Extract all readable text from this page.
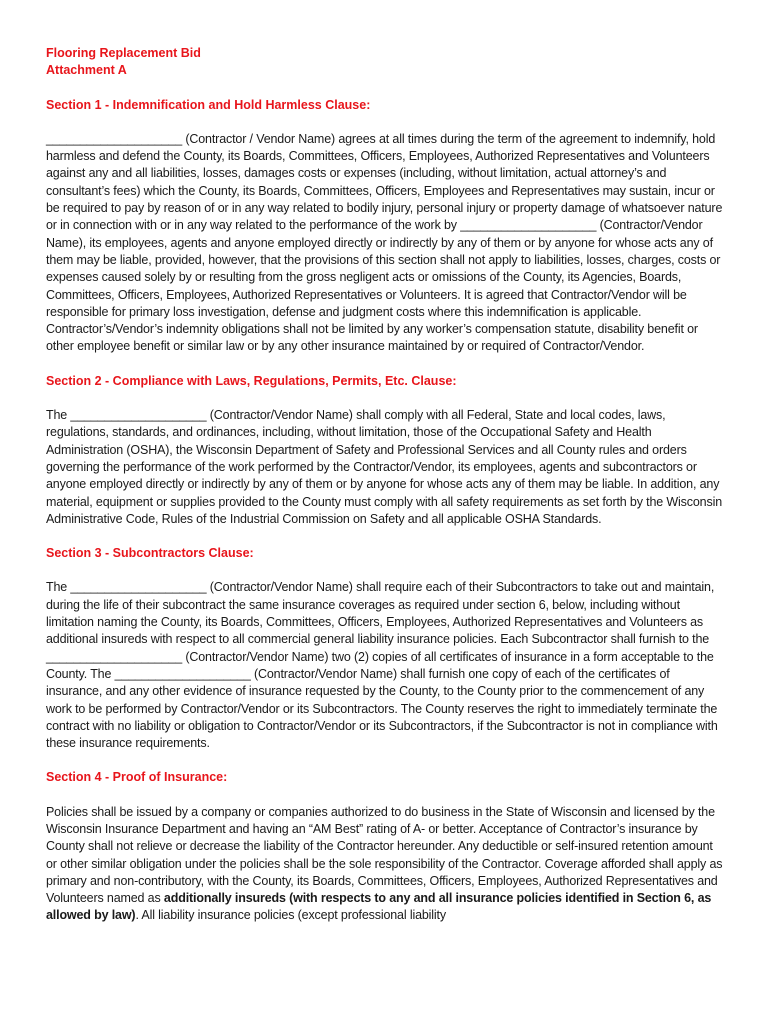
Flooring Replacement Bid
Attachment A
Section 1 - Indemnification and Hold Harmless Clause:

____________________ (Contractor / Vendor Name) agrees at all times during the term of the agreement to indemnify, hold harmless and defend the County, its Boards, Committees, Officers, Employees, Authorized Representatives and Volunteers against any and all liabilities, losses, damages costs or expenses (including, without limitation, actual attorney’s and consultant’s fees) which the County, its Boards, Committees, Officers, Employees and Representatives may sustain, incur or be required to pay by reason of or in any way related to bodily injury, personal injury or property damage of whatsoever nature or in connection with or in any way related to the performance of the work by ____________________ (Contractor/Vendor Name), its employees, agents and anyone employed directly or indirectly by any of them or by anyone for whose acts any of them may be liable, provided, however, that the provisions of this section shall not apply to liabilities, losses, charges, costs or expenses caused solely by or resulting from the gross negligent acts or omissions of the County, its Agencies, Boards, Committees, Officers, Employees, Authorized Representatives or Volunteers. It is agreed that Contractor/Vendor will be responsible for primary loss investigation, defense and judgment costs where this indemnification is applicable. Contractor’s/Vendor’s indemnity obligations shall not be limited by any worker’s compensation statute, disability benefit or other employee benefit or similar law or by any other insurance maintained by or required of Contractor/Vendor.

Section 2 - Compliance with Laws, Regulations, Permits, Etc. Clause:

The ____________________ (Contractor/Vendor Name) shall comply with all Federal, State and local codes, laws, regulations, standards, and ordinances, including, without limitation, those of the Occupational Safety and Health Administration (OSHA), the Wisconsin Department of Safety and Professional Services and all County rules and orders governing the performance of the work performed by the Contractor/Vendor, its employees, agents and subcontractors or anyone employed directly or indirectly by any of them or by anyone for whose acts any of them may be liable. In addition, any material, equipment or supplies provided to the County must comply with all safety requirements as set forth by the Wisconsin Administrative Code, Rules of the Industrial Commission on Safety and all applicable OSHA Standards.

Section 3 - Subcontractors Clause:

The ____________________ (Contractor/Vendor Name) shall require each of their Subcontractors to take out and maintain, during the life of their subcontract the same insurance coverages as required under section 6, below, including without limitation naming the County, its Boards, Committees, Officers, Employees, Authorized Representatives and Volunteers as additional insureds with respect to all commercial general liability insurance policies. Each Subcontractor shall furnish to the ____________________ (Contractor/Vendor Name) two (2) copies of all certificates of insurance in a form acceptable to the County. The ____________________ (Contractor/Vendor Name) shall furnish one copy of each of the certificates of insurance, and any other evidence of insurance requested by the County, to the County prior to the commencement of any work to be performed by Contractor/Vendor or its Subcontractors. The County reserves the right to immediately terminate the contract with no liability or obligation to Contractor/Vendor or its Subcontractors, if the Subcontractor is not in compliance with these insurance requirements.

Section 4 - Proof of Insurance:

Policies shall be issued by a company or companies authorized to do business in the State of Wisconsin and licensed by the Wisconsin Insurance Department and having an “AM Best” rating of A- or better. Acceptance of Contractor’s insurance by County shall not relieve or decrease the liability of the Contractor hereunder. Any deductible or self-insured retention amount or other similar obligation under the policies shall be the sole responsibility of the Contractor. Coverage afforded shall apply as primary and non-contributory, with the County, its Boards, Committees, Officers, Employees, Authorized Representatives and Volunteers named as additionally insureds (with respects to any and all insurance policies identified in Section 6, as allowed by law). All liability insurance policies (except professional liability
